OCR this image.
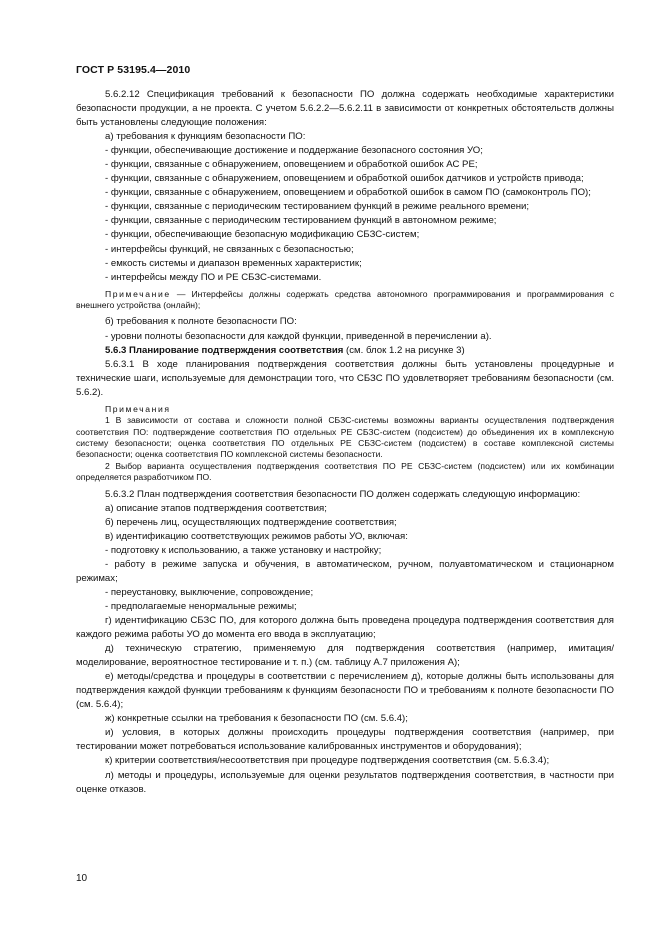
ГОСТ Р 53195.4—2010

5.6.2.12 Спецификация требований к безопасности ПО должна содержать необходимые характеристики безопасности продукции, а не проекта. С учетом 5.6.2.2—5.6.2.11 в зависимости от конкретных обстоятельств должны быть установлены следующие положения:

а) требования к функциям безопасности ПО:

- функции, обеспечивающие достижение и поддержание безопасного состояния УО;

- функции, связанные с обнаружением, оповещением и обработкой ошибок АС РЕ;

- функции, связанные с обнаружением, оповещением и обработкой ошибок датчиков и устройств привода;

- функции, связанные с обнаружением, оповещением и обработкой ошибок в самом ПО (самоконтроль ПО);

- функции, связанные с периодическим тестированием функций в режиме реального времени;

- функции, связанные с периодическим тестированием функций в автономном режиме;

- функции, обеспечивающие безопасную модификацию СБЗС-систем;

- интерфейсы функций, не связанных с безопасностью;

- емкость системы и диапазон временных характеристик;

- интерфейсы между ПО и РЕ СБЗС-системами.

Примечание — Интерфейсы должны содержать средства автономного программирования и программирования с внешнего устройства (онлайн);

б) требования к полноте безопасности ПО:

- уровни полноты безопасности для каждой функции, приведенной в перечислении а).

5.6.3 Планирование подтверждения соответствия (см. блок 1.2 на рисунке 3)

5.6.3.1 В ходе планирования подтверждения соответствия должны быть установлены процедурные и технические шаги, используемые для демонстрации того, что СБЗС ПО удовлетворяет требованиям безопасности (см. 5.6.2).

Примечания

1 В зависимости от состава и сложности полной СБЗС-системы возможны варианты осуществления подтверждения соответствия ПО: подтверждение соответствия ПО отдельных РЕ СБЗС-систем (подсистем) до объединения их в комплексную систему безопасности; оценка соответствия ПО отдельных РЕ СБЗС-систем (подсистем) в составе комплексной системы безопасности; оценка соответствия ПО комплексной системы безопасности.

2 Выбор варианта осуществления подтверждения соответствия ПО РЕ СБЗС-систем (подсистем) или их комбинации определяется разработчиком ПО.

5.6.3.2 План подтверждения соответствия безопасности ПО должен содержать следующую информацию:

а) описание этапов подтверждения соответствия;

б) перечень лиц, осуществляющих подтверждение соответствия;

в) идентификацию соответствующих режимов работы УО, включая:

- подготовку к использованию, а также установку и настройку;

- работу в режиме запуска и обучения, в автоматическом, ручном, полуавтоматическом и стационарном режимах;

- переустановку, выключение, сопровождение;

- предполагаемые ненормальные режимы;

г) идентификацию СБЗС ПО, для которого должна быть проведена процедура подтверждения соответствия для каждого режима работы УО до момента его ввода в эксплуатацию;

д) техническую стратегию, применяемую для подтверждения соответствия (например, имитация/моделирование, вероятностное тестирование и т. п.) (см. таблицу А.7 приложения А);

е) методы/средства и процедуры в соответствии с перечислением д), которые должны быть использованы для подтверждения каждой функции требованиям к функциям безопасности ПО и требованиям к полноте безопасности ПО (см. 5.6.4);

ж) конкретные ссылки на требования к безопасности ПО (см. 5.6.4);

и) условия, в которых должны происходить процедуры подтверждения соответствия (например, при тестировании может потребоваться использование калиброванных инструментов и оборудования);

к) критерии соответствия/несоответствия при процедуре подтверждения соответствия (см. 5.6.3.4);

л) методы и процедуры, используемые для оценки результатов подтверждения соответствия, в частности при оценке отказов.

10
